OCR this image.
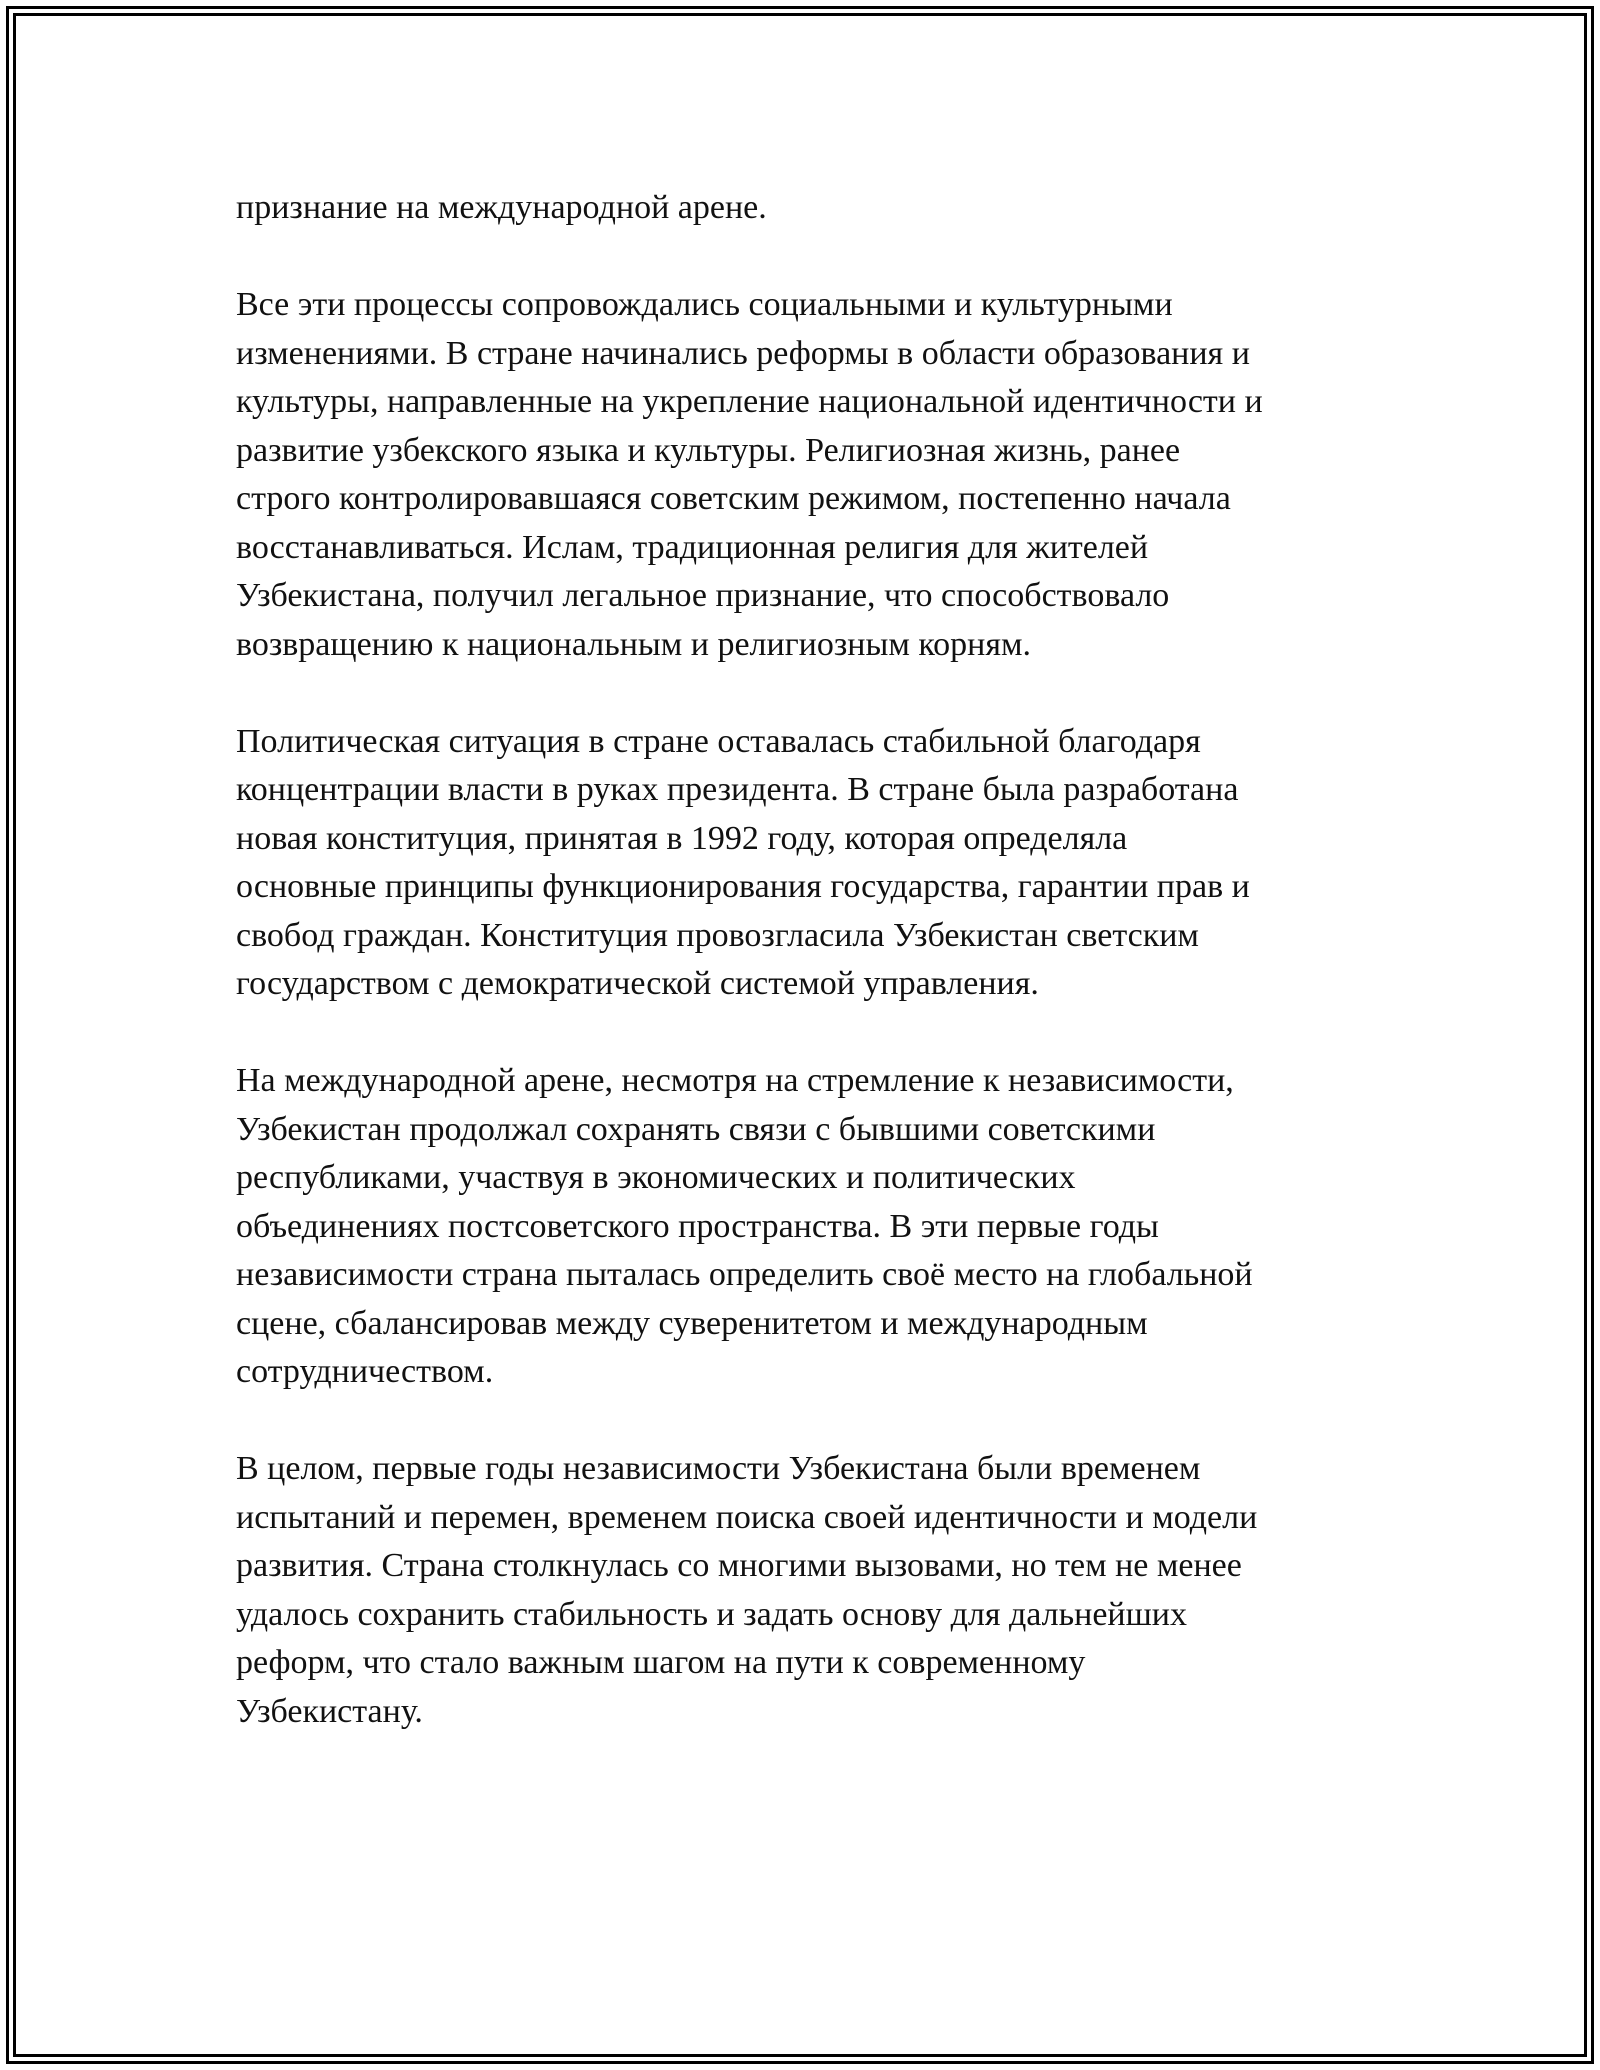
признание на международной арене.

Все эти процессы сопровождались социальными и культурными
изменениями. В стране начинались реформы в области образования и
культуры, направленные на укрепление национальной идентичности и
развитие узбекского языка и культуры. Религиозная жизнь, ранее
строго контролировавшаяся советским режимом, постепенно начала
восстанавливаться. Ислам, традиционная религия для жителей
Узбекистана, получил легальное признание, что способствовало
возвращению к национальным и религиозным корням.

Политическая ситуация в стране оставалась стабильной благодаря
концентрации власти в руках президента. В стране была разработана
новая конституция, принятая в 1992 году, которая определяла
основные принципы функционирования государства, гарантии прав и
свобод граждан. Конституция провозгласила Узбекистан светским
государством с демократической системой управления.

На международной арене, несмотря на стремление к независимости,
Узбекистан продолжал сохранять связи с бывшими советскими
республиками, участвуя в экономических и политических
объединениях постсоветского пространства. В эти первые годы
независимости страна пыталась определить своё место на глобальной
сцене, сбалансировав между суверенитетом и международным
сотрудничеством.

В целом, первые годы независимости Узбекистана были временем
испытаний и перемен, временем поиска своей идентичности и модели
развития. Страна столкнулась со многими вызовами, но тем не менее
удалось сохранить стабильность и задать основу для дальнейших
реформ, что стало важным шагом на пути к современному
Узбекистану.
